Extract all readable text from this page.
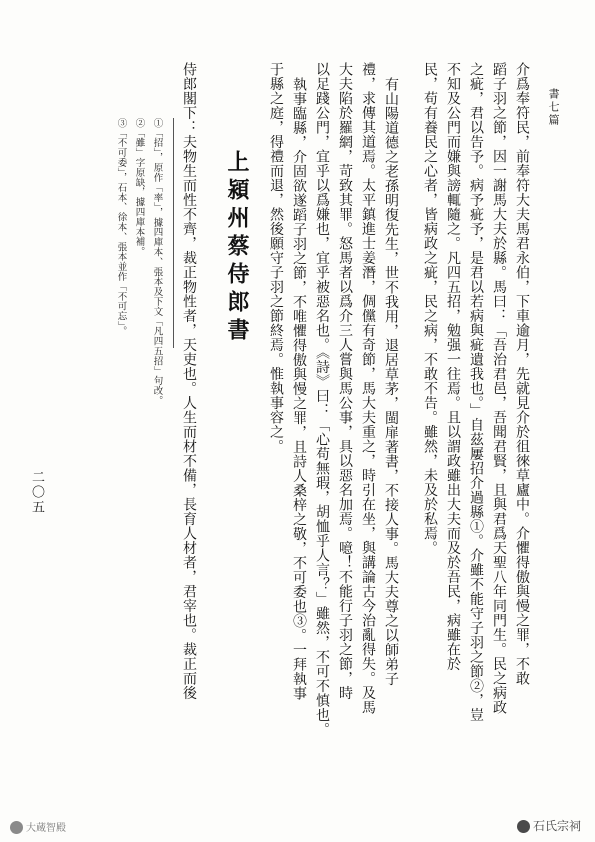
書七篇
介爲奉符民，前奉符大夫馬君永伯，下車逾月，先就見介於徂徠草廬中。介懼得傲與慢之罪，不敢
蹈子羽之節，因一謝馬大夫於縣。馬曰：「吾治君邑，吾聞君賢，且與君爲天聖八年同門生。民之病政
之疵，君以告予。病予疵予，是君以若病與疵遺我也。」自茲屢招介過縣①。介雖不能守子羽之節②，豈
不知及公門而嫌與謗輒隨之。凡四五招，勉强一往焉。且以謂政雖出大夫而及於吾民，病雖在於
民，苟有養民之心者，皆病政之疵，民之病，不敢不告。雖然，未及於私焉。
有山陽道德之老孫明復先生，世不我用，退居草茅，閩扉著書，不接人事。馬大夫尊之以師弟子
禮，求傳其道焉。太平鎮進士姜潛，倜儻有奇節，馬大夫重之，時引在坐，與講論古今治亂得失。及馬
大夫陷於羅網，苛致其罪。怒馬者以爲介三人嘗與馬公事，具以惡名加焉。噫！不能行子羽之節，時
以足踐公門，宜乎以爲嫌也，宜乎被惡名也。《詩》曰：「心苟無瑕，胡恤乎人言？」雖然，不可不慎也。
執事臨縣，介固欲遂蹈子羽之節，不唯懼得傲與慢之罪，且詩人桑梓之敬，不可委也③。一拜執事
于縣之庭，得禮而退，然後願守子羽之節終焉。惟執事容之。
上潁州蔡侍郎書
侍郎閣下：夫物生而性不齊，裁正物性者，天吏也。人生而材不備，長育人材者，君宰也。裁正而後
①「招」，原作「率」，據四庫本、張本及下文「凡四五招」句改。
②「雖」字原缺，據四庫本補。
③「不可委」，石本、徐本、張本並作「不可忘」。
二〇五
大蔵智殿	石氏宗祠
